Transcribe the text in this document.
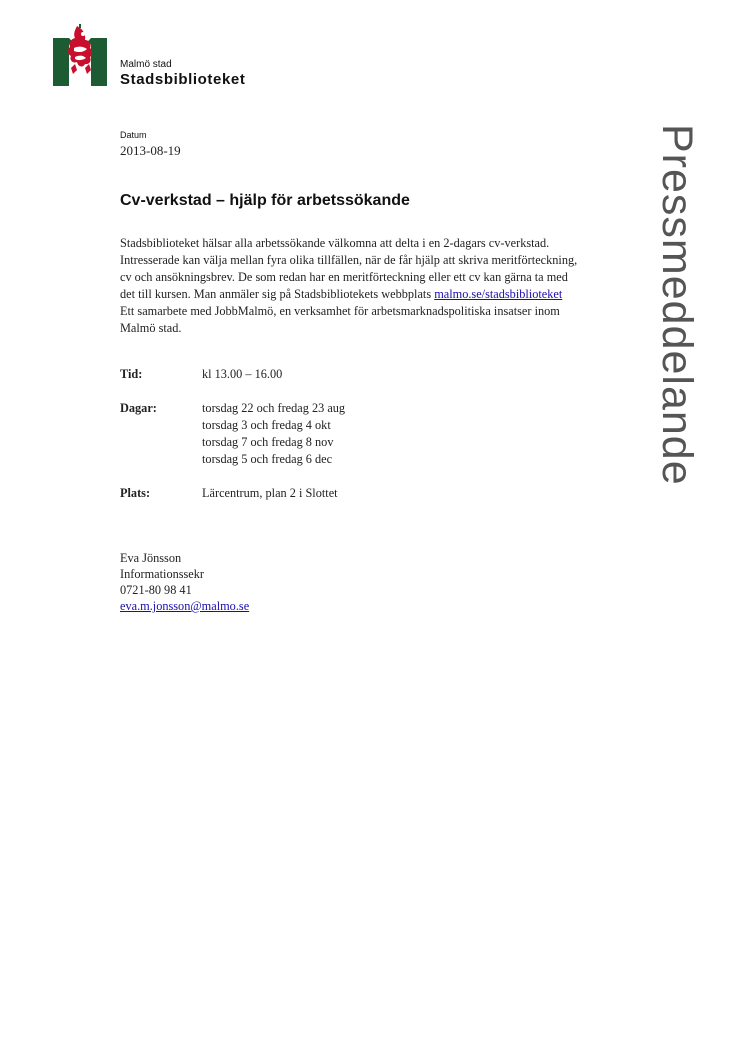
Malmö stad
Stadsbiblioteket
Datum
2013-08-19
Cv-verkstad – hjälp för arbetssökande

Stadsbiblioteket hälsar alla arbetssökande välkomna att delta i en 2-dagars cv-verkstad. Intresserade kan välja mellan fyra olika tillfällen, när de får hjälp att skriva meritförteckning, cv och ansökningsbrev. De som redan har en meritförteckning eller ett cv kan gärna ta med det till kursen. Man anmäler sig på Stadsbibliotekets webbplats malmo.se/stadsbiblioteket

Ett samarbete med JobbMalmö, en verksamhet för arbetsmarknadspolitiska insatser inom Malmö stad.

Tid:	kl 13.00 – 16.00
Dagar:	torsdag 22 och fredag 23 aug
torsdag 3 och fredag 4 okt
torsdag 7 och fredag 8 nov
torsdag 5 och fredag 6 dec
Plats:	Lärcentrum, plan 2 i Slottet
Eva Jönsson
Informationssekr
0721-80 98 41
eva.m.jonsson@malmo.se
Pressmeddelande
